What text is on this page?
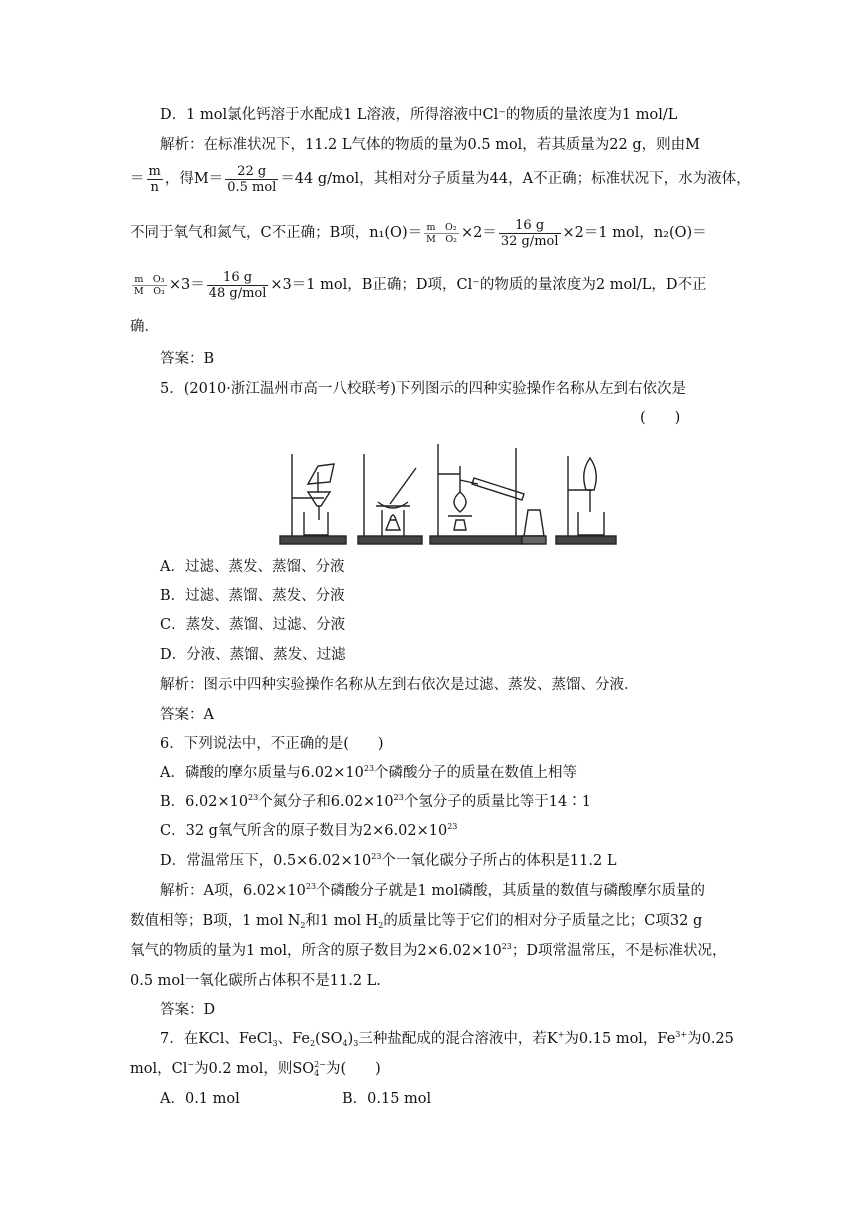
D．1 mol氯化钙溶于水配成1 L溶液，所得溶液中Cl⁻的物质的量浓度为1 mol/L
解析：在标准状况下，11.2 L气体的物质的量为0.5 mol，若其质量为22 g，则由M
＝ $\frac{m}{n}$ ，得$M= \frac{22 g}{\text{0.5 mol}} =44$ g/mol，其相对分子质量为44，A不正确；标准状况下，水为液体，
不同于氧气和氮气，C不正确；B项，$n_1(O)= \frac{\text{m　O₂}}{\text{M　O₂}} \times 2= \frac{16 g}{\text{32 g/mol}} \times 2=1$ mol，n₂(O)＝
$\frac{\text{m　O₃}}{\text{M　O₃}} \times 3= \frac{16 g}{\text{48 g/mol}} \times 3=1$ mol，B正确；D项，Cl⁻的物质的量浓度为2 mol/L，D不正
确．
答案：B
5．(2010·浙江温州市高一八校联考)下列图示的四种实验操作名称从左到右依次是
(　　)
A．过滤、蒸发、蒸馏、分液
B．过滤、蒸馏、蒸发、分液
C．蒸发、蒸馏、过滤、分液
D．分液、蒸馏、蒸发、过滤
解析：图示中四种实验操作名称从左到右依次是过滤、蒸发、蒸馏、分液．
答案：A
6．下列说法中，不正确的是(　　)
A．磷酸的摩尔质量与$6.02\times 10^{23}$个磷酸分子的质量在数值上相等
B．$6.02\times 10^{23}$个氮分子和$6.02\times 10^{23}$个氢分子的质量比等于14∶1
C．32 g氧气所含的原子数目为$2\times 6.02\times 10^{23}$
D．常温常压下，$0.5\times 6.02\times 10^{23}$个一氧化碳分子所占的体积是11.2 L
解析：A项，$6.02\times 10^{23}$个磷酸分子就是1 mol磷酸，其质量的数值与磷酸摩尔质量的
数值相等；B项，1 mol $N_2$和1 mol $H_2$的质量比等于它们的相对分子质量之比；C项32 g
氧气的物质的量为1 mol，所含的原子数目为$2\times 6.02\times 10^{23}$；D项常温常压，不是标准状况，
0.5 mol一氧化碳所占体积不是11.2 L.
答案：D
7．在KCl、FeCl$_3$、$Fe_2(SO_4)_3$三种盐配成的混合溶液中，若K+为0.15 mol，$Fe^{3+}$为0.25
mol，Cl−为0.2 mol，则SO 2−
4 为(　　)
A．0.1 mol	B．0.15 mol
